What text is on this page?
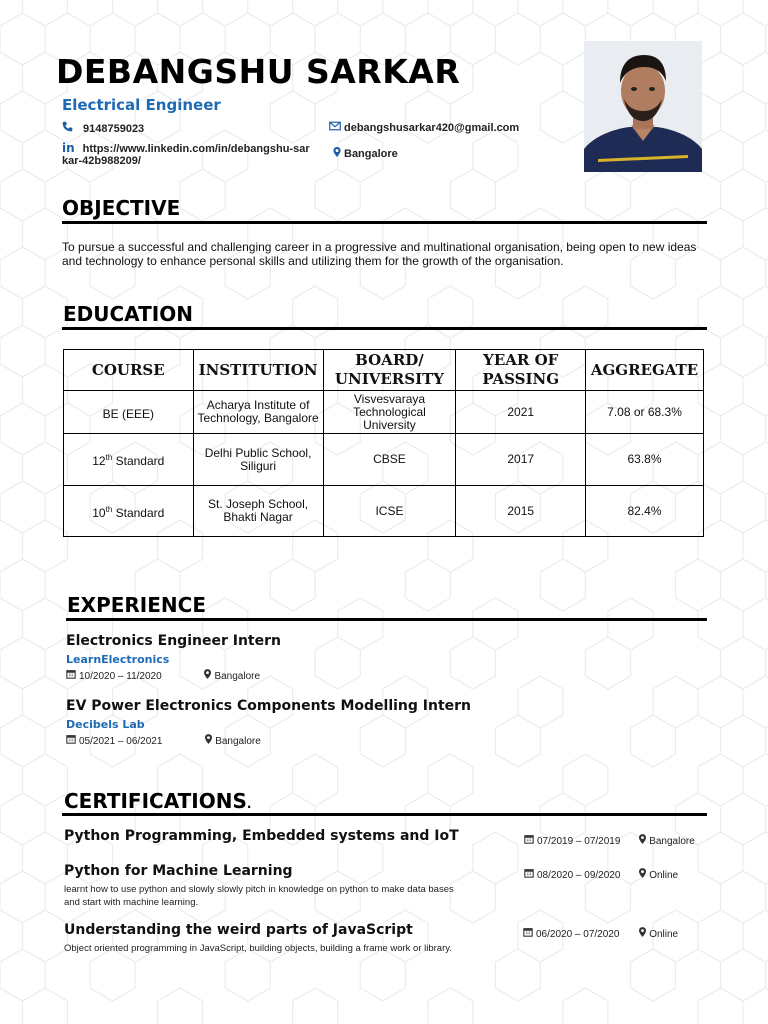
DEBANGSHU SARKAR
Electrical Engineer
9148759023	debangshusarkar420@gmail.com
in https://www.linkedin.com/in/debangshu-sarkar-42b988209/
Bangalore
OBJECTIVE
To pursue a successful and challenging career in a progressive and multinational organisation, being open to new ideas and technology to enhance personal skills and utilizing them for the growth of the organisation.
EDUCATION
COURSE	INSTITUTION	BOARD/ UNIVERSITY	YEAR OF PASSING	AGGREGATE
BE (EEE)	Acharya Institute of Technology, Bangalore	Visvesvaraya Technological University	2021	7.08 or 68.3%
12th Standard	Delhi Public School, Siliguri	CBSE	2017	63.8%
10th Standard	St. Joseph School, Bhakti Nagar	ICSE	2015	82.4%
EXPERIENCE
Electronics Engineer Intern
LearnElectronics
10/2020 – 11/2020	Bangalore
EV Power Electronics Components Modelling Intern
Decibels Lab
05/2021 – 06/2021	Bangalore
CERTIFICATIONS.
Python Programming, Embedded systems and IoT	07/2019 – 07/2019	Bangalore
Python for Machine Learning	08/2020 – 09/2020	Online
learnt how to use python and slowly slowly pitch in knowledge on python to make data bases and start with machine learning.
Understanding the weird parts of JavaScript	06/2020 – 07/2020	Online
Object oriented programming in JavaScript, building objects, building a frame work or library.
